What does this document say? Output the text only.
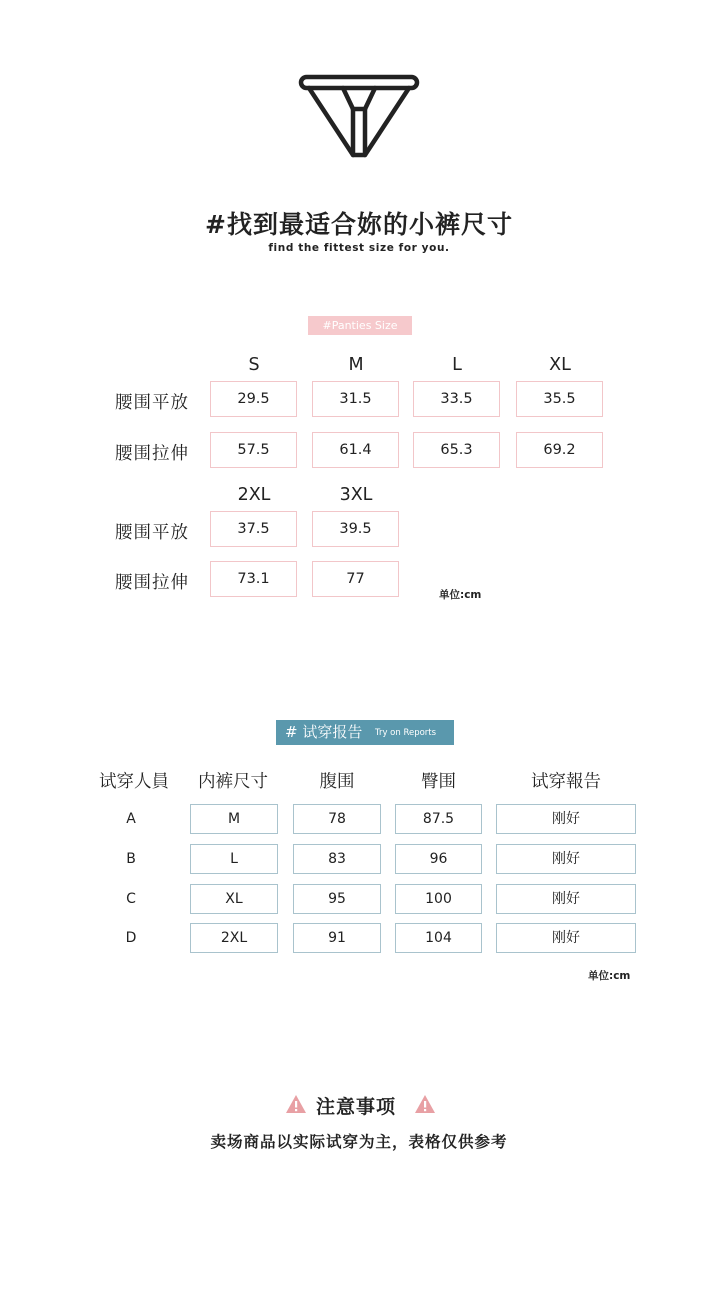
#找到最适合妳的小裤尺寸
find the fittest size for you.
#Panties Size
S	M	L	XL
腰围平放	29.5	31.5	33.5	35.5
腰围拉伸	57.5	61.4	65.3	69.2
2XL	3XL
腰围平放	37.5	39.5
腰围拉伸	73.1	77
单位:cm
# 试穿报告 Try on Reports
试穿人員	内裤尺寸	腹围	臀围	试穿報告
A	M	78	87.5	刚好
B	L	83	96	刚好
C	XL	95	100	刚好
D	2XL	91	104	刚好
单位:cm
注意事项
卖场商品以实际试穿为主，表格仅供参考
